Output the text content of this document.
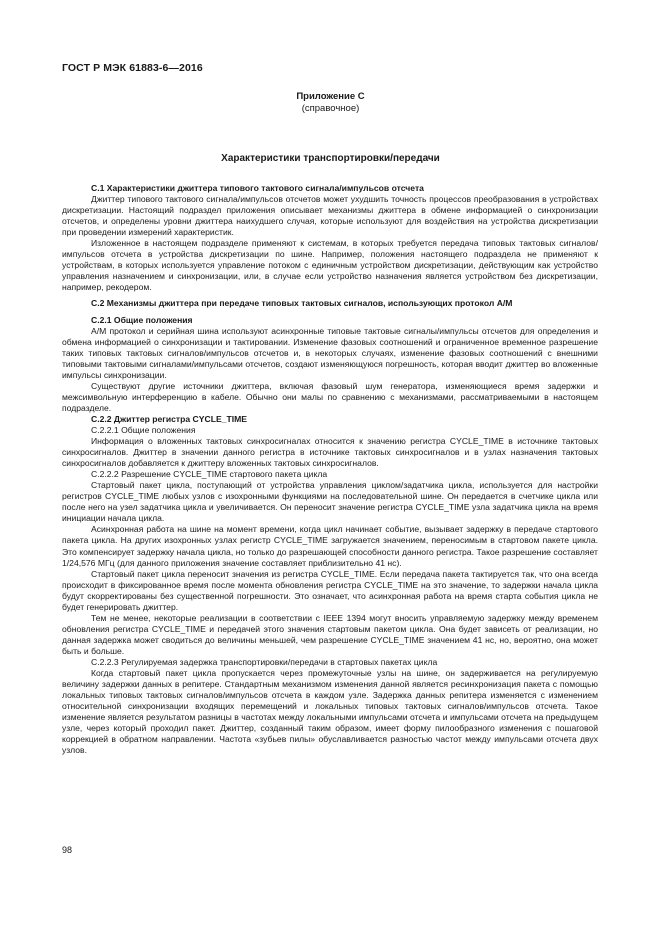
ГОСТ Р МЭК 61883-6—2016
Приложение С
(справочное)
Характеристики транспортировки/передачи

С.1 Характеристики джиттера типового тактового сигнала/импульсов отсчета

Джиттер типового тактового сигнала/импульсов отсчетов может ухудшить точность процессов преобразования в устройствах дискретизации. Настоящий подраздел приложения описывает механизмы джиттера в обмене информацией о синхронизации отсчетов, и определены уровни джиттера наихудшего случая, которые используют для воздействия на устройства дискретизации при проведении измерений характеристик.

Изложенное в настоящем подразделе применяют к системам, в которых требуется передача типовых тактовых сигналов/импульсов отсчета в устройства дискретизации по шине. Например, положения настоящего подраздела не применяют к устройствам, в которых используется управление потоком с единичным устройством дискретизации, действующим как устройство управления назначением и синхронизации, или, в случае если устройство назначения является устройством без дискретизации, например, рекодером.

С.2 Механизмы джиттера при передаче типовых тактовых сигналов, использующих протокол А/М

С.2.1 Общие положения

А/М протокол и серийная шина используют асинхронные типовые тактовые сигналы/импульсы отсчетов для определения и обмена информацией о синхронизации и тактировании. Изменение фазовых соотношений и ограниченное временное разрешение таких типовых тактовых сигналов/импульсов отсчетов и, в некоторых случаях, изменение фазовых соотношений с внешними типовыми тактовыми сигналами/импульсами отсчетов, создают изменяющуюся погрешность, которая вводит джиттер во вложенные импульсы синхронизации.

Существуют другие источники джиттера, включая фазовый шум генератора, изменяющиеся время задержки и межсимвольную интерференцию в кабеле. Обычно они малы по сравнению с механизмами, рассматриваемыми в настоящем подразделе.

С.2.2 Джиттер регистра CYCLE_TIME

С.2.2.1 Общие положения

Информация о вложенных тактовых синхросигналах относится к значению регистра CYCLE_TIME в источнике тактовых синхросигналов. Джиттер в значении данного регистра в источнике тактовых синхросигналов и в узлах назначения тактовых синхросигналов добавляется к джиттеру вложенных тактовых синхросигналов.

С.2.2.2 Разрешение CYCLE_TIME стартового пакета цикла

Стартовый пакет цикла, поступающий от устройства управления циклом/задатчика цикла, используется для настройки регистров CYCLE_TIME любых узлов с изохронными функциями на последовательной шине. Он передается в счетчике цикла или после него на узел задатчика цикла и увеличивается. Он переносит значение регистра CYCLE_TIME узла задатчика цикла на время инициации начала цикла.

Асинхронная работа на шине на момент времени, когда цикл начинает событие, вызывает задержку в передаче стартового пакета цикла. На других изохронных узлах регистр CYCLE_TIME загружается значением, переносимым в стартовом пакете цикла. Это компенсирует задержку начала цикла, но только до разрешающей способности данного регистра. Такое разрешение составляет 1/24,576 МГц (для данного приложения значение составляет приблизительно 41 нс).

Стартовый пакет цикла переносит значения из регистра CYCLE_TIME. Если передача пакета тактируется так, что она всегда происходит в фиксированное время после момента обновления регистра CYCLE_TIME на это значение, то задержки начала цикла будут скорректированы без существенной погрешности. Это означает, что асинхронная работа на время старта события цикла не будет генерировать джиттер.

Тем не менее, некоторые реализации в соответствии с IEEE 1394 могут вносить управляемую задержку между временем обновления регистра CYCLE_TIME и передачей этого значения стартовым пакетом цикла. Она будет зависеть от реализации, но данная задержка может сводиться до величины меньшей, чем разрешение CYCLE_TIME значением 41 нс, но, вероятно, она может быть и больше.

С.2.2.3 Регулируемая задержка транспортировки/передачи в стартовых пакетах цикла

Когда стартовый пакет цикла пропускается через промежуточные узлы на шине, он задерживается на регулируемую величину задержки данных в репитере. Стандартным механизмом изменения данной является ресинхронизация пакета с помощью локальных типовых тактовых сигналов/импульсов отсчета в каждом узле. Задержка данных репитера изменяется с изменением относительной синхронизации входящих перемещений и локальных типовых тактовых сигналов/импульсов отсчета. Такое изменение является результатом разницы в частотах между локальными импульсами отсчета и импульсами отсчета на предыдущем узле, через который проходил пакет. Джиттер, созданный таким образом, имеет форму пилообразного изменения с пошаговой коррекцией в обратном направлении. Частота «зубьев пилы» обуславливается разностью частот между импульсами отсчета двух узлов.

98
